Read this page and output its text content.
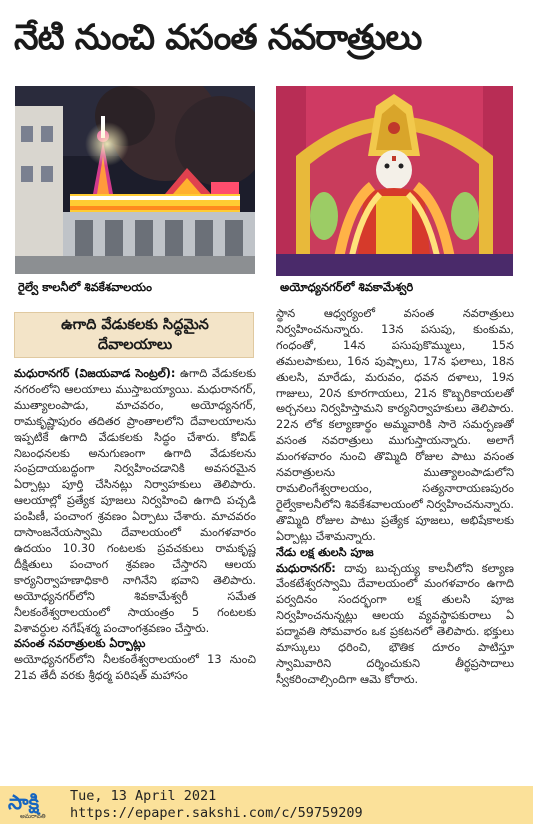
నేటి నుంచి వసంత నవరాత్రులు
రైల్వే కాలనీలో శివకేశవాలయం	అయోధ్యనగర్‌లో శివకామేశ్వరి
ఉగాది వేడుకలకు సిద్ధమైన
దేవాలయాలు

మధురానగర్ (విజయవాడ సెంట్రల్): ఉగాది వేడుకలకు నగరంలోని ఆలయాలు ముస్తాబయ్యాయి. మధురానగర్, ముత్యాలంపాడు, మాచవరం, అయోధ్యనగర్, రామకృష్ణాపురం తదితర ప్రాంతాలలోని దేవాలయాలను ఇప్పటికే ఉగాది వేడుకలకు సిద్ధం చేశారు. కోవిడ్ నిబంధనలకు అనుగుణంగా ఉగాది వేడుకలను సంప్రదాయబద్ధంగా నిర్వహించడానికి అవసరమైన ఏర్పాట్లు పూర్తి చేసినట్లు నిర్వాహకులు తెలిపారు. ఆలయాల్లో ప్రత్యేక పూజలు నిర్వహించి ఉగాది పచ్చడి పంపిణీ, పంచాంగ శ్రవణం ఏర్పాటు చేశారు. మాచవరం దాసాంజనేయస్వామి దేవాలయంలో మంగళవారం ఉదయం 10.30 గంటలకు ప్రవచకులు రామకృష్ణ దీక్షితులు పంచాంగ శ్రవణం చేస్తారని ఆలయ కార్యనిర్వాహణాధికారి నాగినేని భవాని తెలిపారు. అయోధ్యనగర్‌లోని శివకామేశ్వరీ సమేత నీలకంఠేశ్వరాలయంలో సాయంత్రం 5 గంటలకు విశావర్ధుల నగేష్‌శర్మ పంచాంగశ్రవణం చేస్తారు.

వసంత నవరాత్రులకు ఏర్పాట్లు

అయోధ్యనగర్‌లోని నీలకంఠేశ్వరాలయంలో 13 నుంచి 21వ తేదీ వరకు శ్రీధర్మ పరిషత్ మహాసం

స్థాన ఆధ్వర్యంలో వసంత నవరాత్రులు నిర్వహించనున్నారు. 13న పసుపు, కుంకుమ, గంధంతో, 14న పసుపుకొమ్ములు, 15న తమలపాకులు, 16న పుష్పాలు, 17న ఫలాలు, 18న తులసి, మారేడు, మరువం, ధవన దళాలు, 19న గాజులు, 20న కూరగాయలు, 21న కొబ్బరికాయలతో అర్చనలు నిర్వహిస్తామని కార్యనిర్వాహకులు తెలిపారు. 22న లోక కల్యాణార్థం అమ్మవారికి సారె సమర్పణతో వసంత నవరాత్రులు ముగుస్తాయన్నారు. అలాగే మంగళవారం నుంచి తొమ్మిది రోజుల పాటు వసంత నవరాత్రులను ముత్యాలంపాడులోని రామలింగేశ్వరాలయం, సత్యనారాయణపురం రైల్వేకాలనీలోని శివకేశవాలయంలో నిర్వహించనున్నారు. తొమ్మిది రోజుల పాటు ప్రత్యేక పూజలు, అభిషేకాలకు ఏర్పాట్లు చేశామన్నారు.

నేడు లక్ష తులసి పూజ

మధురానగర్: దావు బుచ్చయ్య కాలనీలోని కల్యాణ వేంకటేశ్వరస్వామి దేవాలయంలో మంగళవారం ఉగాది పర్వదినం సందర్భంగా లక్ష తులసి పూజ నిర్వహించనున్నట్లు ఆలయ వ్యవస్థాపకురాలు ఏ పద్మావతి సోమవారం ఒక ప్రకటనలో తెలిపారు. భక్తులు మాస్కులు ధరించి, భౌతిక దూరం పాటిస్తూ స్వామివారిని దర్శించుకుని తీర్థప్రసాదాలు స్వీకరించాల్సిందిగా ఆమె కోరారు.

సాక్షి
అమరావతి
Tue, 13 April 2021
https://epaper.sakshi.com/c/59759209
